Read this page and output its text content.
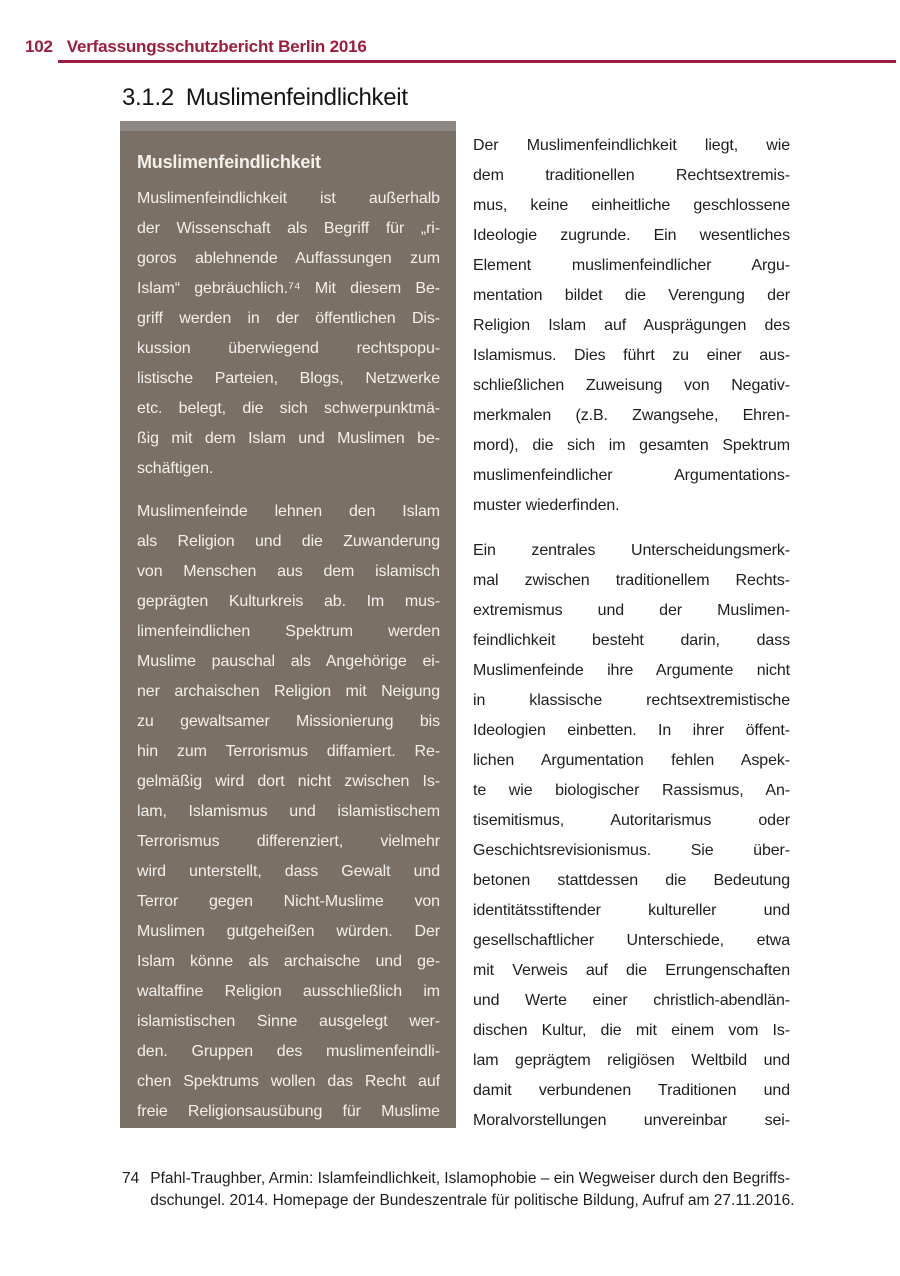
102 Verfassungsschutzbericht Berlin 2016
3.1.2 Muslimenfeindlichkeit
Muslimenfeindlichkeit
Muslimenfeindlichkeit ist außerhalb
der Wissenschaft als Begriff für „ri-
goros ablehnende Auffassungen zum
Islam“ gebräuchlich.⁷⁴ Mit diesem Be-
griff werden in der öffentlichen Dis-
kussion überwiegend rechtspopu-
listische Parteien, Blogs, Netzwerke
etc. belegt, die sich schwerpunktmä-
ßig mit dem Islam und Muslimen be-
schäftigen.
Muslimenfeinde lehnen den Islam
als Religion und die Zuwanderung
von Menschen aus dem islamisch
geprägten Kulturkreis ab. Im mus-
limenfeindlichen Spektrum werden
Muslime pauschal als Angehörige ei-
ner archaischen Religion mit Neigung
zu gewaltsamer Missionierung bis
hin zum Terrorismus diffamiert. Re-
gelmäßig wird dort nicht zwischen Is-
lam, Islamismus und islamistischem
Terrorismus differenziert, vielmehr
wird unterstellt, dass Gewalt und
Terror gegen Nicht-Muslime von
Muslimen gutgeheißen würden. Der
Islam könne als archaische und ge-
waltaffine Religion ausschließlich im
islamistischen Sinne ausgelegt wer-
den. Gruppen des muslimenfeindli-
chen Spektrums wollen das Recht auf
freie Religionsausübung für Muslime
Der Muslimenfeindlichkeit liegt, wie
dem traditionellen Rechtsextremis-
mus, keine einheitliche geschlossene
Ideologie zugrunde. Ein wesentliches
Element muslimenfeindlicher Argu-
mentation bildet die Verengung der
Religion Islam auf Ausprägungen des
Islamismus. Dies führt zu einer aus-
schließlichen Zuweisung von Negativ-
merkmalen (z.B. Zwangsehe, Ehren-
mord), die sich im gesamten Spektrum
muslimenfeindlicher Argumentations-
muster wiederfinden.
Ein zentrales Unterscheidungsmerk-
mal zwischen traditionellem Rechts-
extremismus und der Muslimen-
feindlichkeit besteht darin, dass
Muslimenfeinde ihre Argumente nicht
in klassische rechtsextremistische
Ideologien einbetten. In ihrer öffent-
lichen Argumentation fehlen Aspek-
te wie biologischer Rassismus, An-
tisemitismus, Autoritarismus oder
Geschichtsrevisionismus. Sie über-
betonen stattdessen die Bedeutung
identitätsstiftender kultureller und
gesellschaftlicher Unterschiede, etwa
mit Verweis auf die Errungenschaften
und Werte einer christlich-abendlän-
dischen Kultur, die mit einem vom Is-
lam geprägtem religiösen Weltbild und
damit verbundenen Traditionen und
Moralvorstellungen unvereinbar sei-
74 Pfahl-Traughber, Armin: Islamfeindlichkeit, Islamophobie – ein Wegweiser durch den Begriffs-
dschungel. 2014. Homepage der Bundeszentrale für politische Bildung, Aufruf am 27.11.2016.
